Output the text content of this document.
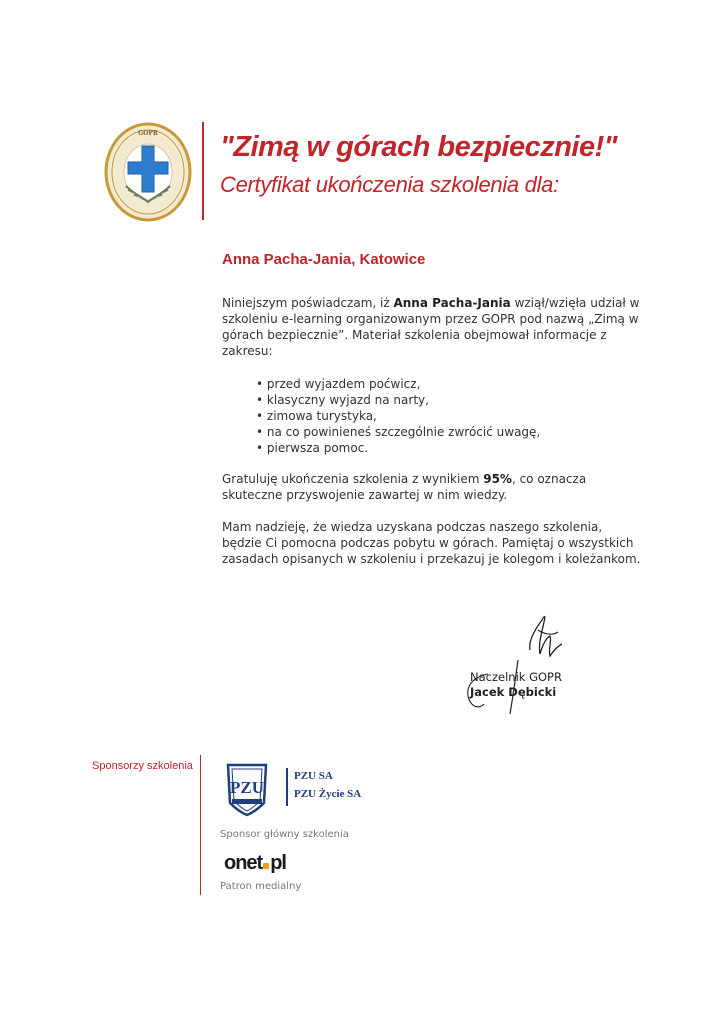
GOPR "Zimą w górach bezpiecznie!"
Certyfikat ukończenia szkolenia dla:
Anna Pacha-Jania, Katowice
Niniejszym poświadczam, iż Anna Pacha-Jania wziął/wzięła udział w szkoleniu e-learning organizowanym przez GOPR pod nazwą „Zimą w górach bezpiecznie”. Materiał szkolenia obejmował informacje z zakresu:
• przed wyjazdem poćwicz,
• klasyczny wyjazd na narty,
• zimowa turystyka,
• na co powinieneś szczególnie zwrócić uwagę,
• pierwsza pomoc.
Gratuluję ukończenia szkolenia z wynikiem 95%, co oznacza skuteczne przyswojenie zawartej w nim wiedzy.
Mam nadzieję, że wiedza uzyskana podczas naszego szkolenia, będzie Ci pomocna podczas pobytu w górach. Pamiętaj o wszystkich zasadach opisanych w szkoleniu i przekazuj je kolegom i koleżankom.
Naczelnik GOPR
Jacek Dębicki
Sponsorzy szkolenia
PZU
PZU SA
PZU Życie SA
Sponsor główny szkolenia
onet pl
Patron medialny
